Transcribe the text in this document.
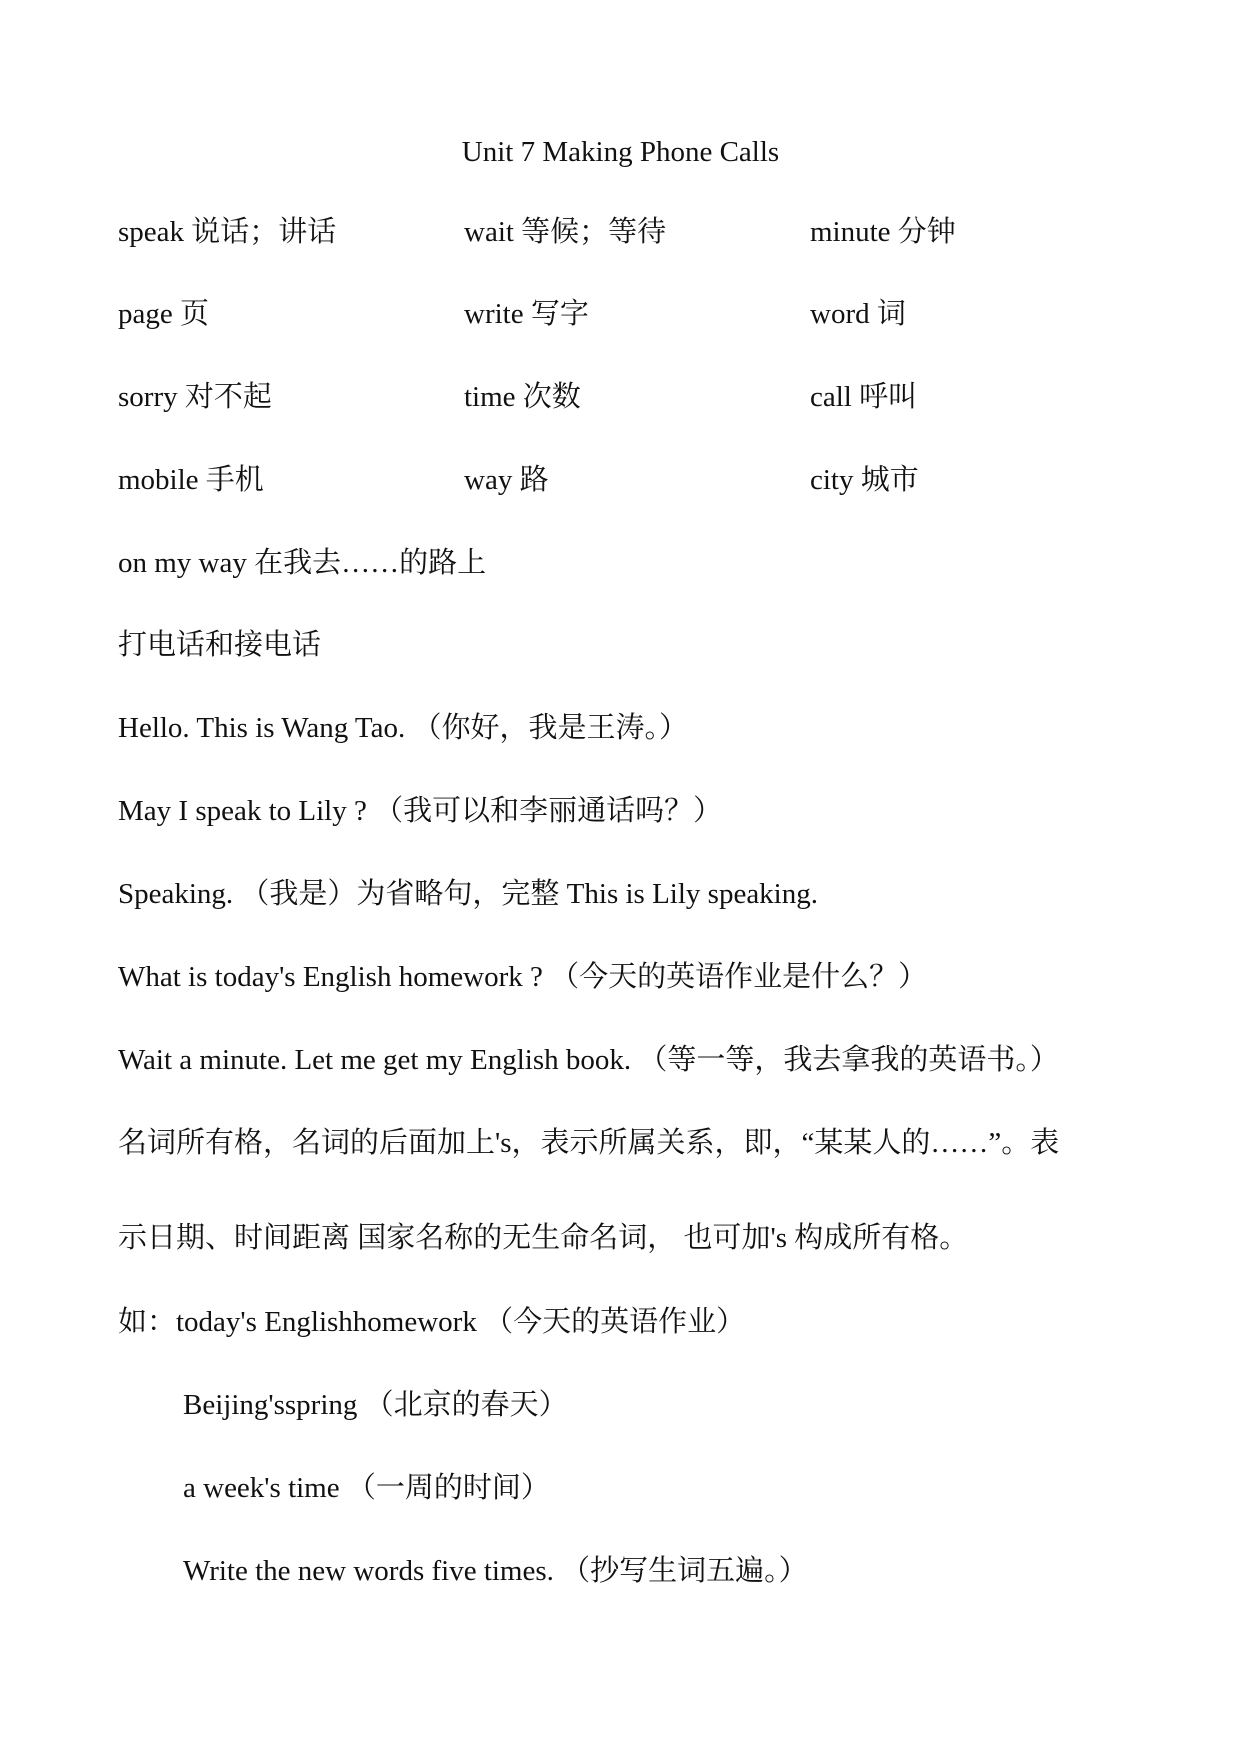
Unit 7 Making Phone Calls
speak 说话；讲话	wait 等候；等待	minute 分钟
page 页	write 写字	word 词
sorry 对不起	time 次数	call 呼叫
mobile 手机	way 路	city 城市

on my way 在我去……的路上

打电话和接电话

Hello. This is Wang Tao. （你好，我是王涛。）

May I speak to Lily ? （我可以和李丽通话吗？）

Speaking. （我是）为省略句，完整 This is Lily speaking.

What is today's English homework ? （今天的英语作业是什么？）

Wait a minute. Let me get my English book. （等一等，我去拿我的英语书。）

名词所有格，名词的后面加上's，表示所属关系，即，“某某人的……”。表

示日期、时间距离 国家名称的无生命名词， 也可加's 构成所有格。

如：today's Englishhomework （今天的英语作业）

Beijing'sspring （北京的春天）

a week's time （一周的时间）

Write the new words five times. （抄写生词五遍。）
